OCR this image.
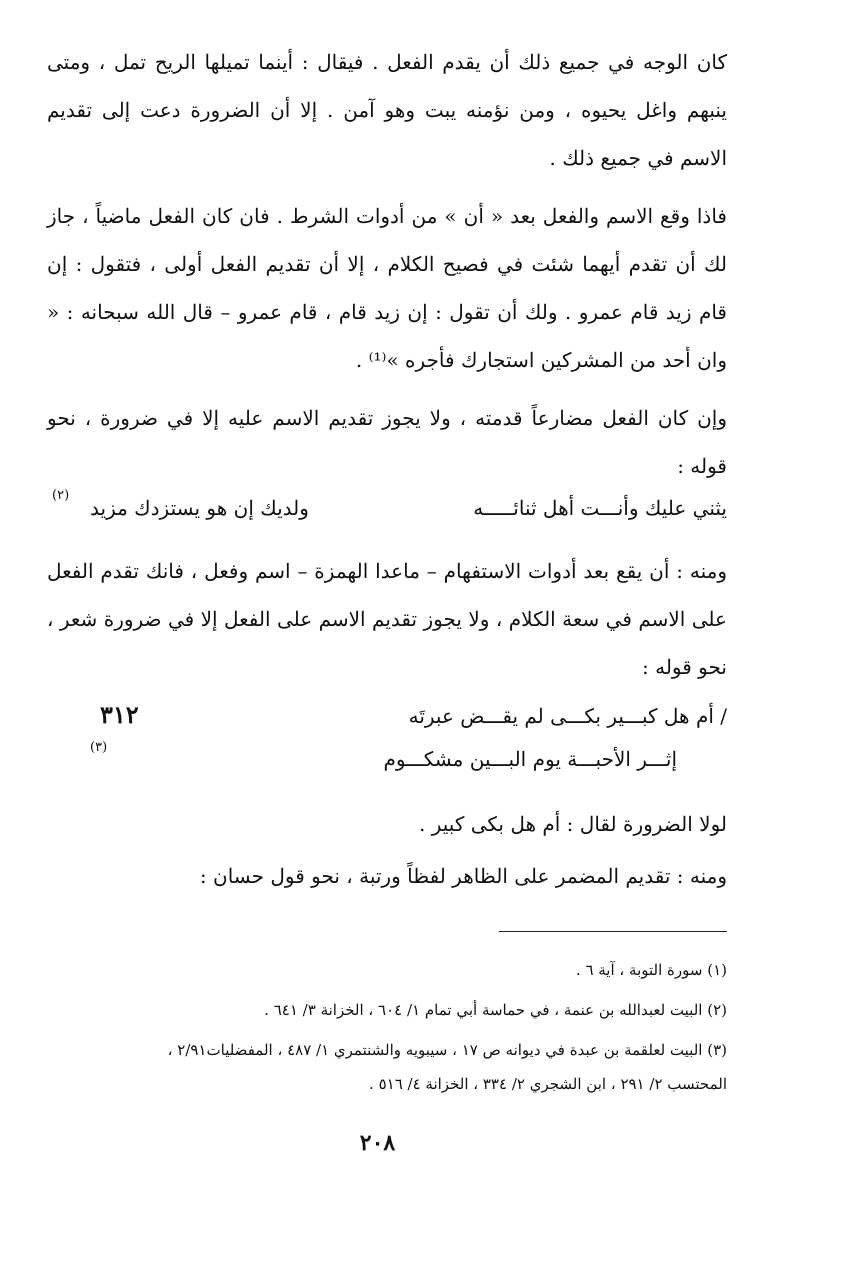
كان الوجه في جميع ذلك أن يقدم الفعل . فيقال : أينما تميلها الريح تمل ، ومتى ينبهم واغل يحيوه ، ومن نؤمنه يبت وهو آمن . إلا أن الضرورة دعت إلى تقديم الاسم في جميع ذلك .

فاذا وقع الاسم والفعل بعد « أن » من أدوات الشرط . فان كان الفعل ماضياً ، جاز لك أن تقدم أيهما شئت في فصيح الكلام ، إلا أن تقديم الفعل أولى ، فتقول : إن قام زيد قام عمرو . ولك أن تقول : إن زيد قام ، قام عمرو – قال الله سبحانه : « وان أحد من المشركين استجارك فأجره »⁽¹⁾ .

وإن كان الفعل مضارعاً قدمته ، ولا يجوز تقديم الاسم عليه إلا في ضرورة ، نحو قوله :

يثني عليك وأنـــت أهل ثنائـــــه
ولديك إن هو يستزدك مزيد
(٢)

ومنه : أن يقع بعد أدوات الاستفهام – ماعدا الهمزة – اسم وفعل ، فانك تقدم الفعل على الاسم في سعة الكلام ، ولا يجوز تقديم الاسم على الفعل إلا في ضرورة شعر ، نحو قوله :

٣١٢	/ أم هل كبـــير بكـــى لم يقـــض عبرتَه
إثـــر الأحبـــة يوم البـــين مشكـــوم
(٣)

لولا الضرورة لقال : أم هل بكى كبير .

ومنه : تقديم المضمر على الظاهر لفظاً ورتبة ، نحو قول حسان :

(١) سورة التوبة ، آية ٦ .
(٢) البيت لعبدالله بن عنمة ، في حماسة أبي تمام ١/ ٦٠٤ ، الخزانة ٣/ ٦٤١ .
(٣) البيت لعلقمة بن عبدة في ديوانه ص ١٧ ، سيبويه والشنتمري ١/ ٤٨٧ ، المفضليات٢/٩١ ،
المحتسب ٢/ ٢٩١ ، ابن الشجري ٢/ ٣٣٤ ، الخزانة ٤/ ٥١٦ .
٢٠٨
